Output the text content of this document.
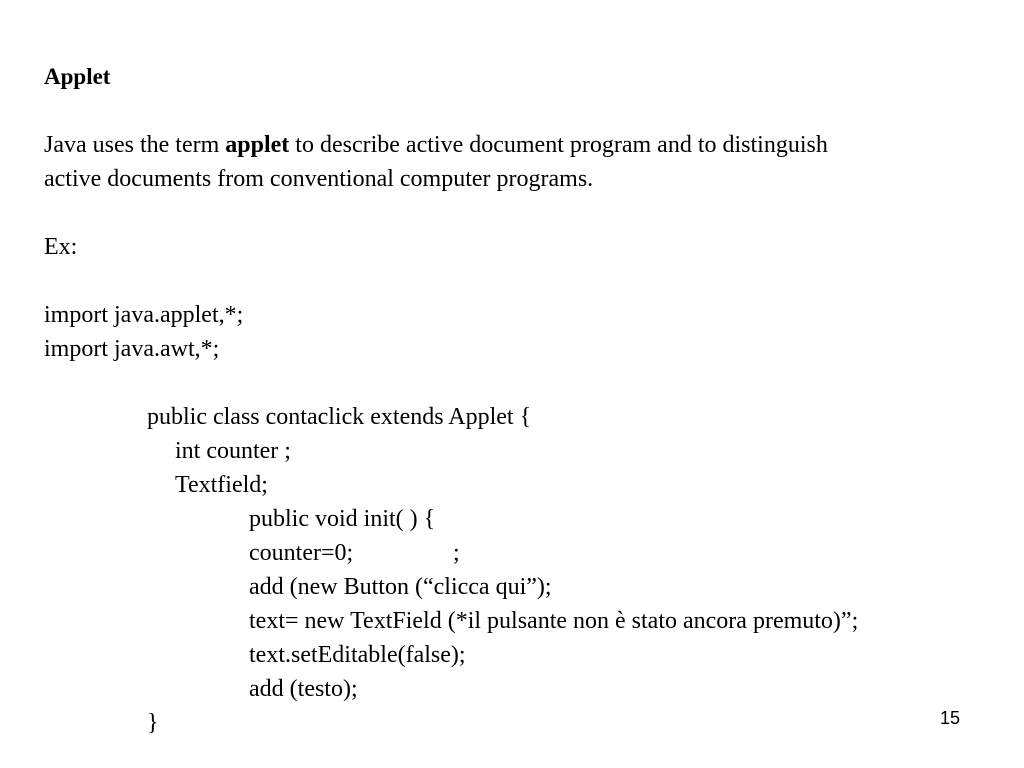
Applet
Java uses the term applet to describe active document program and to distinguish
active documents from conventional computer programs.
Ex:
import java.applet,*;
import java.awt,*;
public class contaclick extends Applet {
int counter ;
Textfield;
public void init( ) {
counter=0;	;
add (new Button (“clicca qui”);
text= new TextField (*il pulsante non è stato ancora premuto)”;
text.setEditable(false);
add (testo);
}	15
